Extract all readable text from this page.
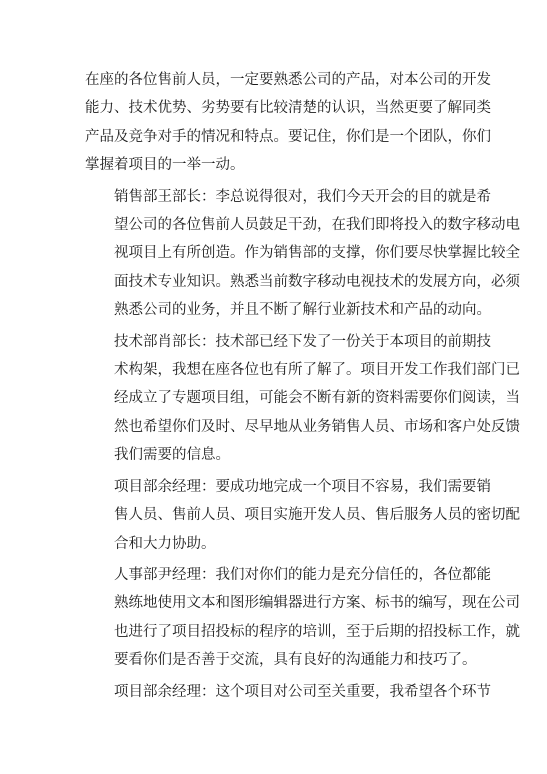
在座的各位售前人员，一定要熟悉公司的产品，对本公司的开发
能力、技术优势、劣势要有比较清楚的认识，当然更要了解同类
产品及竞争对手的情况和特点。要记住，你们是一个团队，你们
掌握着项目的一举一动。
销售部王部长：李总说得很对，我们今天开会的目的就是希
望公司的各位售前人员鼓足干劲，在我们即将投入的数字移动电
视项目上有所创造。作为销售部的支撑，你们要尽快掌握比较全
面技术专业知识。熟悉当前数字移动电视技术的发展方向，必须
熟悉公司的业务，并且不断了解行业新技术和产品的动向。
技术部肖部长：技术部已经下发了一份关于本项目的前期技
术构架，我想在座各位也有所了解了。项目开发工作我们部门已
经成立了专题项目组，可能会不断有新的资料需要你们阅读，当
然也希望你们及时、尽早地从业务销售人员、市场和客户处反馈
我们需要的信息。
项目部余经理：要成功地完成一个项目不容易，我们需要销
售人员、售前人员、项目实施开发人员、售后服务人员的密切配
合和大力协助。
人事部尹经理：我们对你们的能力是充分信任的，各位都能
熟练地使用文本和图形编辑器进行方案、标书的编写，现在公司
也进行了项目招投标的程序的培训，至于后期的招投标工作，就
要看你们是否善于交流，具有良好的沟通能力和技巧了。
项目部余经理：这个项目对公司至关重要，我希望各个环节
